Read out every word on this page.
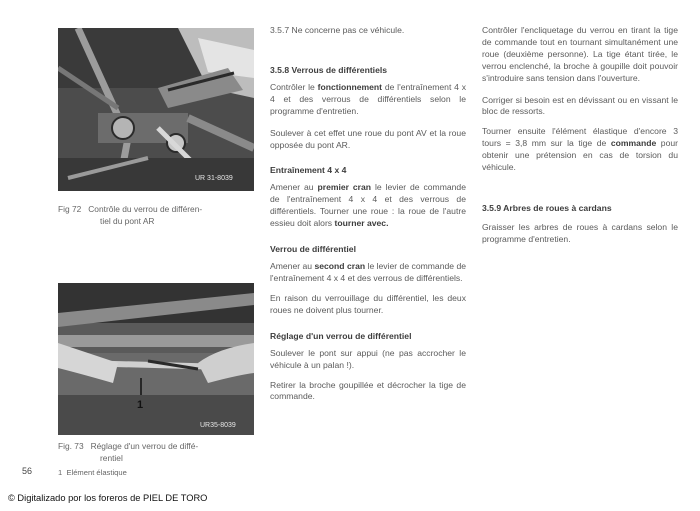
UR 31-8039
1
UR35-8039
Fig 72   Contrôle du verrou de différen-
tiel du pont AR
Fig. 73   Réglage d'un verrou de diffé-
rentiel
56	1  Elément élastique

3.5.7 Ne concerne pas ce véhicule.

3.5.8 Verrous de différentiels

Contrôler le fonctionnement de l'entraînement 4 x 4 et des verrous de différentiels selon le programme d'entretien.

Soulever à cet effet une roue du pont AV et la roue opposée du pont AR.

Entraînement 4 x 4

Amener au premier cran le levier de commande de l'entraînement 4 x 4 et des verrous de différentiels. Tourner une roue : la roue de l'autre essieu doit alors tourner avec.

Verrou de différentiel

Amener au second cran le levier de commande de l'entraînement 4 x 4 et des verrous de différentiels.

En raison du verrouillage du différentiel, les deux roues ne doivent plus tourner.

Réglage d'un verrou de différentiel

Soulever le pont sur appui (ne pas accrocher le véhicule à un palan !).

Retirer la broche goupillée et décrocher la tige de commande.

Contrôler l'encliquetage du verrou en tirant la tige de commande tout en tournant simultanément une roue (deuxième personne). La tige étant tirée, le verrou enclenché, la broche à goupille doit pouvoir s'introduire sans tension dans l'ouverture.

Corriger si besoin est en dévissant ou en vissant le bloc de ressorts.

Tourner ensuite l'élément élastique d'encore 3 tours = 3,8 mm sur la tige de commande pour obtenir une prétension en cas de torsion du véhicule.

3.5.9 Arbres de roues à cardans

Graisser les arbres de roues à cardans selon le programme d'entretien.

© Digitalizado por los foreros de PIEL DE TORO
